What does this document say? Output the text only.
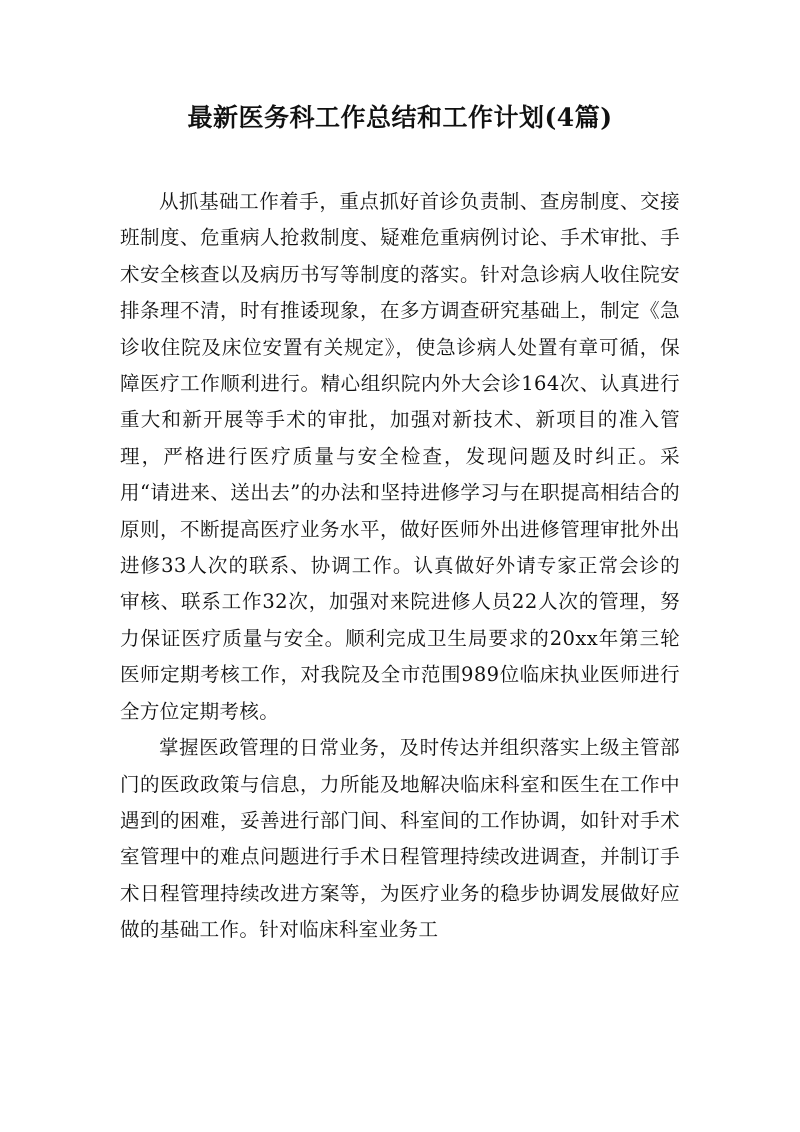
最新医务科工作总结和工作计划(4篇)

从抓基础工作着手，重点抓好首诊负责制、查房制度、交接班制度、危重病人抢救制度、疑难危重病例讨论、手术审批、手术安全核查以及病历书写等制度的落实。针对急诊病人收住院安排条理不清，时有推诿现象，在多方调查研究基础上，制定《急诊收住院及床位安置有关规定》，使急诊病人处置有章可循，保障医疗工作顺利进行。精心组织院内外大会诊164次、认真进行重大和新开展等手术的审批，加强对新技术、新项目的准入管理，严格进行医疗质量与安全检查，发现问题及时纠正。采用“请进来、送出去”的办法和坚持进修学习与在职提高相结合的原则，不断提高医疗业务水平，做好医师外出进修管理审批外出进修33人次的联系、协调工作。认真做好外请专家正常会诊的审核、联系工作32次，加强对来院进修人员22人次的管理，努力保证医疗质量与安全。顺利完成卫生局要求的20xx年第三轮医师定期考核工作，对我院及全市范围989位临床执业医师进行全方位定期考核。

掌握医政管理的日常业务，及时传达并组织落实上级主管部门的医政政策与信息，力所能及地解决临床科室和医生在工作中遇到的困难，妥善进行部门间、科室间的工作协调，如针对手术室管理中的难点问题进行手术日程管理持续改进调查，并制订手术日程管理持续改进方案等，为医疗业务的稳步协调发展做好应做的基础工作。针对临床科室业务工
